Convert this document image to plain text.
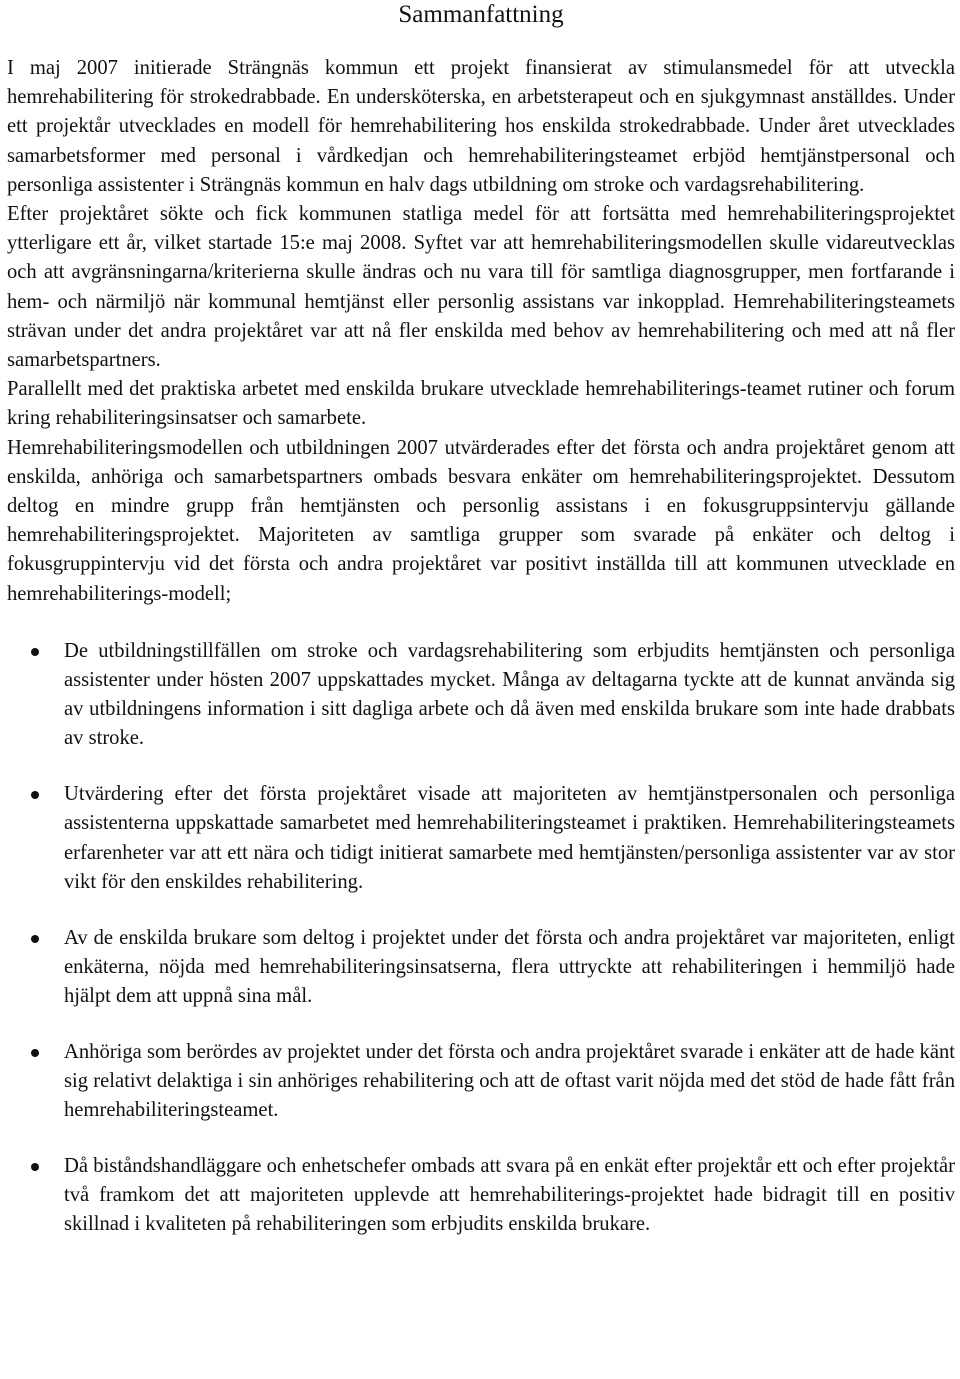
Sammanfattning

I maj 2007 initierade Strängnäs kommun ett projekt finansierat av stimulansmedel för att utveckla hemrehabilitering för strokedrabbade. En undersköterska, en arbetsterapeut och en sjukgymnast anställdes. Under ett projektår utvecklades en modell för hemrehabilitering hos enskilda strokedrabbade. Under året utvecklades samarbetsformer med personal i vårdkedjan och hemrehabiliteringsteamet erbjöd hemtjänstpersonal och personliga assistenter i Strängnäs kommun en halv dags utbildning om stroke och vardagsrehabilitering.

Efter projektåret sökte och fick kommunen statliga medel för att fortsätta med hemrehabiliteringsprojektet ytterligare ett år, vilket startade 15:e maj 2008. Syftet var att hemrehabiliteringsmodellen skulle vidareutvecklas och att avgränsningarna/kriterierna skulle ändras och nu vara till för samtliga diagnosgrupper, men fortfarande i hem- och närmiljö när kommunal hemtjänst eller personlig assistans var inkopplad. Hemrehabiliteringsteamets strävan under det andra projektåret var att nå fler enskilda med behov av hemrehabilitering och med att nå fler samarbetspartners.

Parallellt med det praktiska arbetet med enskilda brukare utvecklade hemrehabiliterings-teamet rutiner och forum kring rehabiliteringsinsatser och samarbete.

Hemrehabiliteringsmodellen och utbildningen 2007 utvärderades efter det första och andra projektåret genom att enskilda, anhöriga och samarbetspartners ombads besvara enkäter om hemrehabiliteringsprojektet. Dessutom deltog en mindre grupp från hemtjänsten och personlig assistans i en fokusgruppsintervju gällande hemrehabiliteringsprojektet. Majoriteten av samtliga grupper som svarade på enkäter och deltog i fokusgruppintervju vid det första och andra projektåret var positivt inställda till att kommunen utvecklade en hemrehabiliterings-modell;

De utbildningstillfällen om stroke och vardagsrehabilitering som erbjudits hemtjänsten och personliga assistenter under hösten 2007 uppskattades mycket. Många av deltagarna tyckte att de kunnat använda sig av utbildningens information i sitt dagliga arbete och då även med enskilda brukare som inte hade drabbats av stroke.
Utvärdering efter det första projektåret visade att majoriteten av hemtjänstpersonalen och personliga assistenterna uppskattade samarbetet med hemrehabiliteringsteamet i praktiken. Hemrehabiliteringsteamets erfarenheter var att ett nära och tidigt initierat samarbete med hemtjänsten/personliga assistenter var av stor vikt för den enskildes rehabilitering.
Av de enskilda brukare som deltog i projektet under det första och andra projektåret var majoriteten, enligt enkäterna, nöjda med hemrehabiliteringsinsatserna, flera uttryckte att rehabiliteringen i hemmiljö hade hjälpt dem att uppnå sina mål.
Anhöriga som berördes av projektet under det första och andra projektåret svarade i enkäter att de hade känt sig relativt delaktiga i sin anhöriges rehabilitering och att de oftast varit nöjda med det stöd de hade fått från hemrehabiliteringsteamet.
Då biståndshandläggare och enhetschefer ombads att svara på en enkät efter projektår ett och efter projektår två framkom det att majoriteten upplevde att hemrehabiliterings-projektet hade bidragit till en positiv skillnad i kvaliteten på rehabiliteringen som erbjudits enskilda brukare.
